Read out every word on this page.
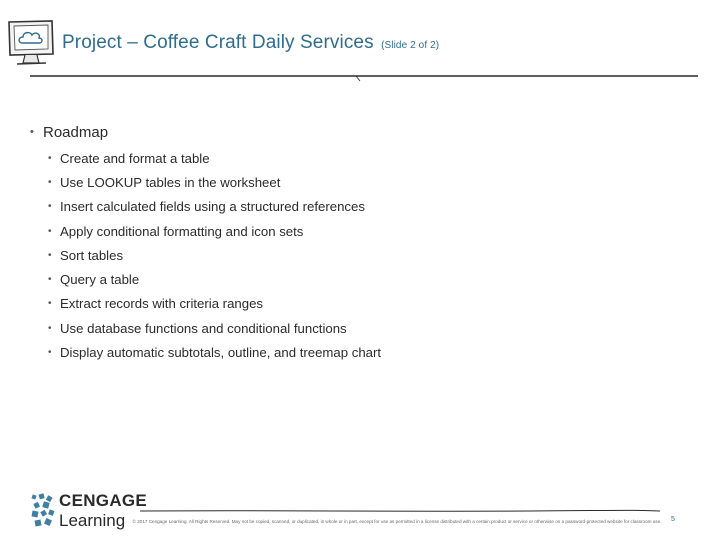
Project – Coffee Craft Daily Services (Slide 2 of 2)
• Roadmap
• Create and format a table
• Use LOOKUP tables in the worksheet
• Insert calculated fields using a structured references
• Apply conditional formatting and icon sets
• Sort tables
• Query a table
• Extract records with criteria ranges
• Use database functions and conditional functions
• Display automatic subtotals, outline, and treemap chart
CENGAGE
Learning © 2017 Cengage Learning. All Rights Reserved. May not be copied, scanned, or duplicated, in whole or in part, except for use as permitted in a license distributed with a certain product or service or otherwise on a password-protected website for classroom use. 5
